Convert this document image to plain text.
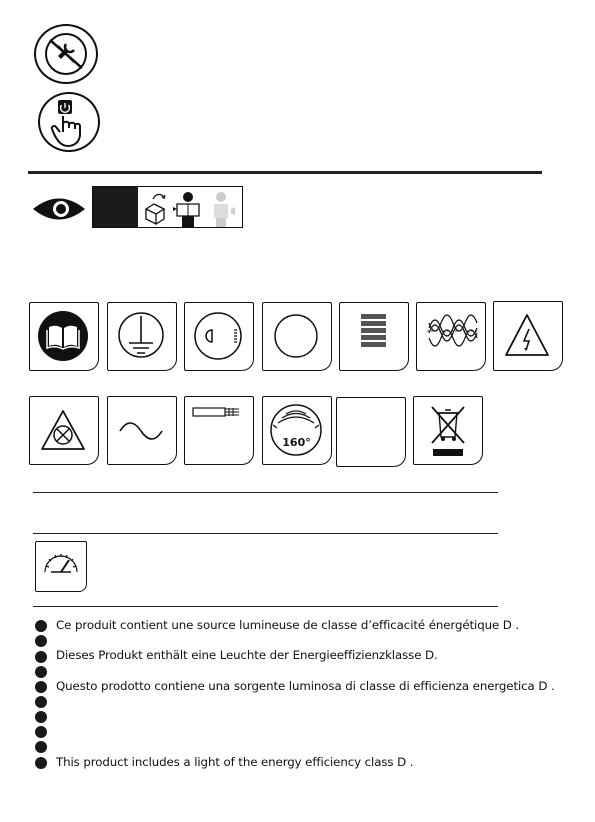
160°
Ce produit contient une source lumineuse de classe d’efficacité énergétique D .
Dieses Produkt enthält eine Leuchte der Energieeffizienzklasse D.
Questo prodotto contiene una sorgente luminosa di classe di efficienza energetica D .
This product includes a light of the energy efficiency class D .
